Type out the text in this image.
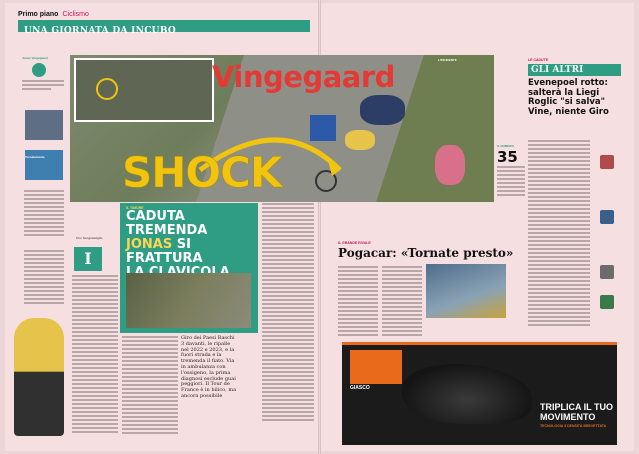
Primo piano Ciclismo
UNA GIORNATA DA INCUBO
Jonas Vingegaard
Tornatamente
L'INCIDENTE
Vingegaard
SHOCK
Ciro Scognamiglio
I
IL TIMORE
CADUTA TREMENDA
JONAS SI FRATTURA

Giro dei Paesi Baschi 3 davanti, le ripalle nel 2022 e 2023, e la fuori strada e la tremenda il fiato. Via in ambulanza con l'ossigeno, la prima diagnosi esclude guai peggiori. Il Tour de France è in bilico, ma ancora possibile
IL GRANDE RIVALE
Pogacar: «Tornate presto»
IL NUMERO
35
LE CADUTE
GLI ALTRI
Evenepoel rotto: salterà la Liegi Roglic "si salva" Vine, niente Giro
GIASCO
TRIPLICA IL TUO MOVIMENTO
TECNOLOGIA 3 DENSITÀ BREVETTATA
